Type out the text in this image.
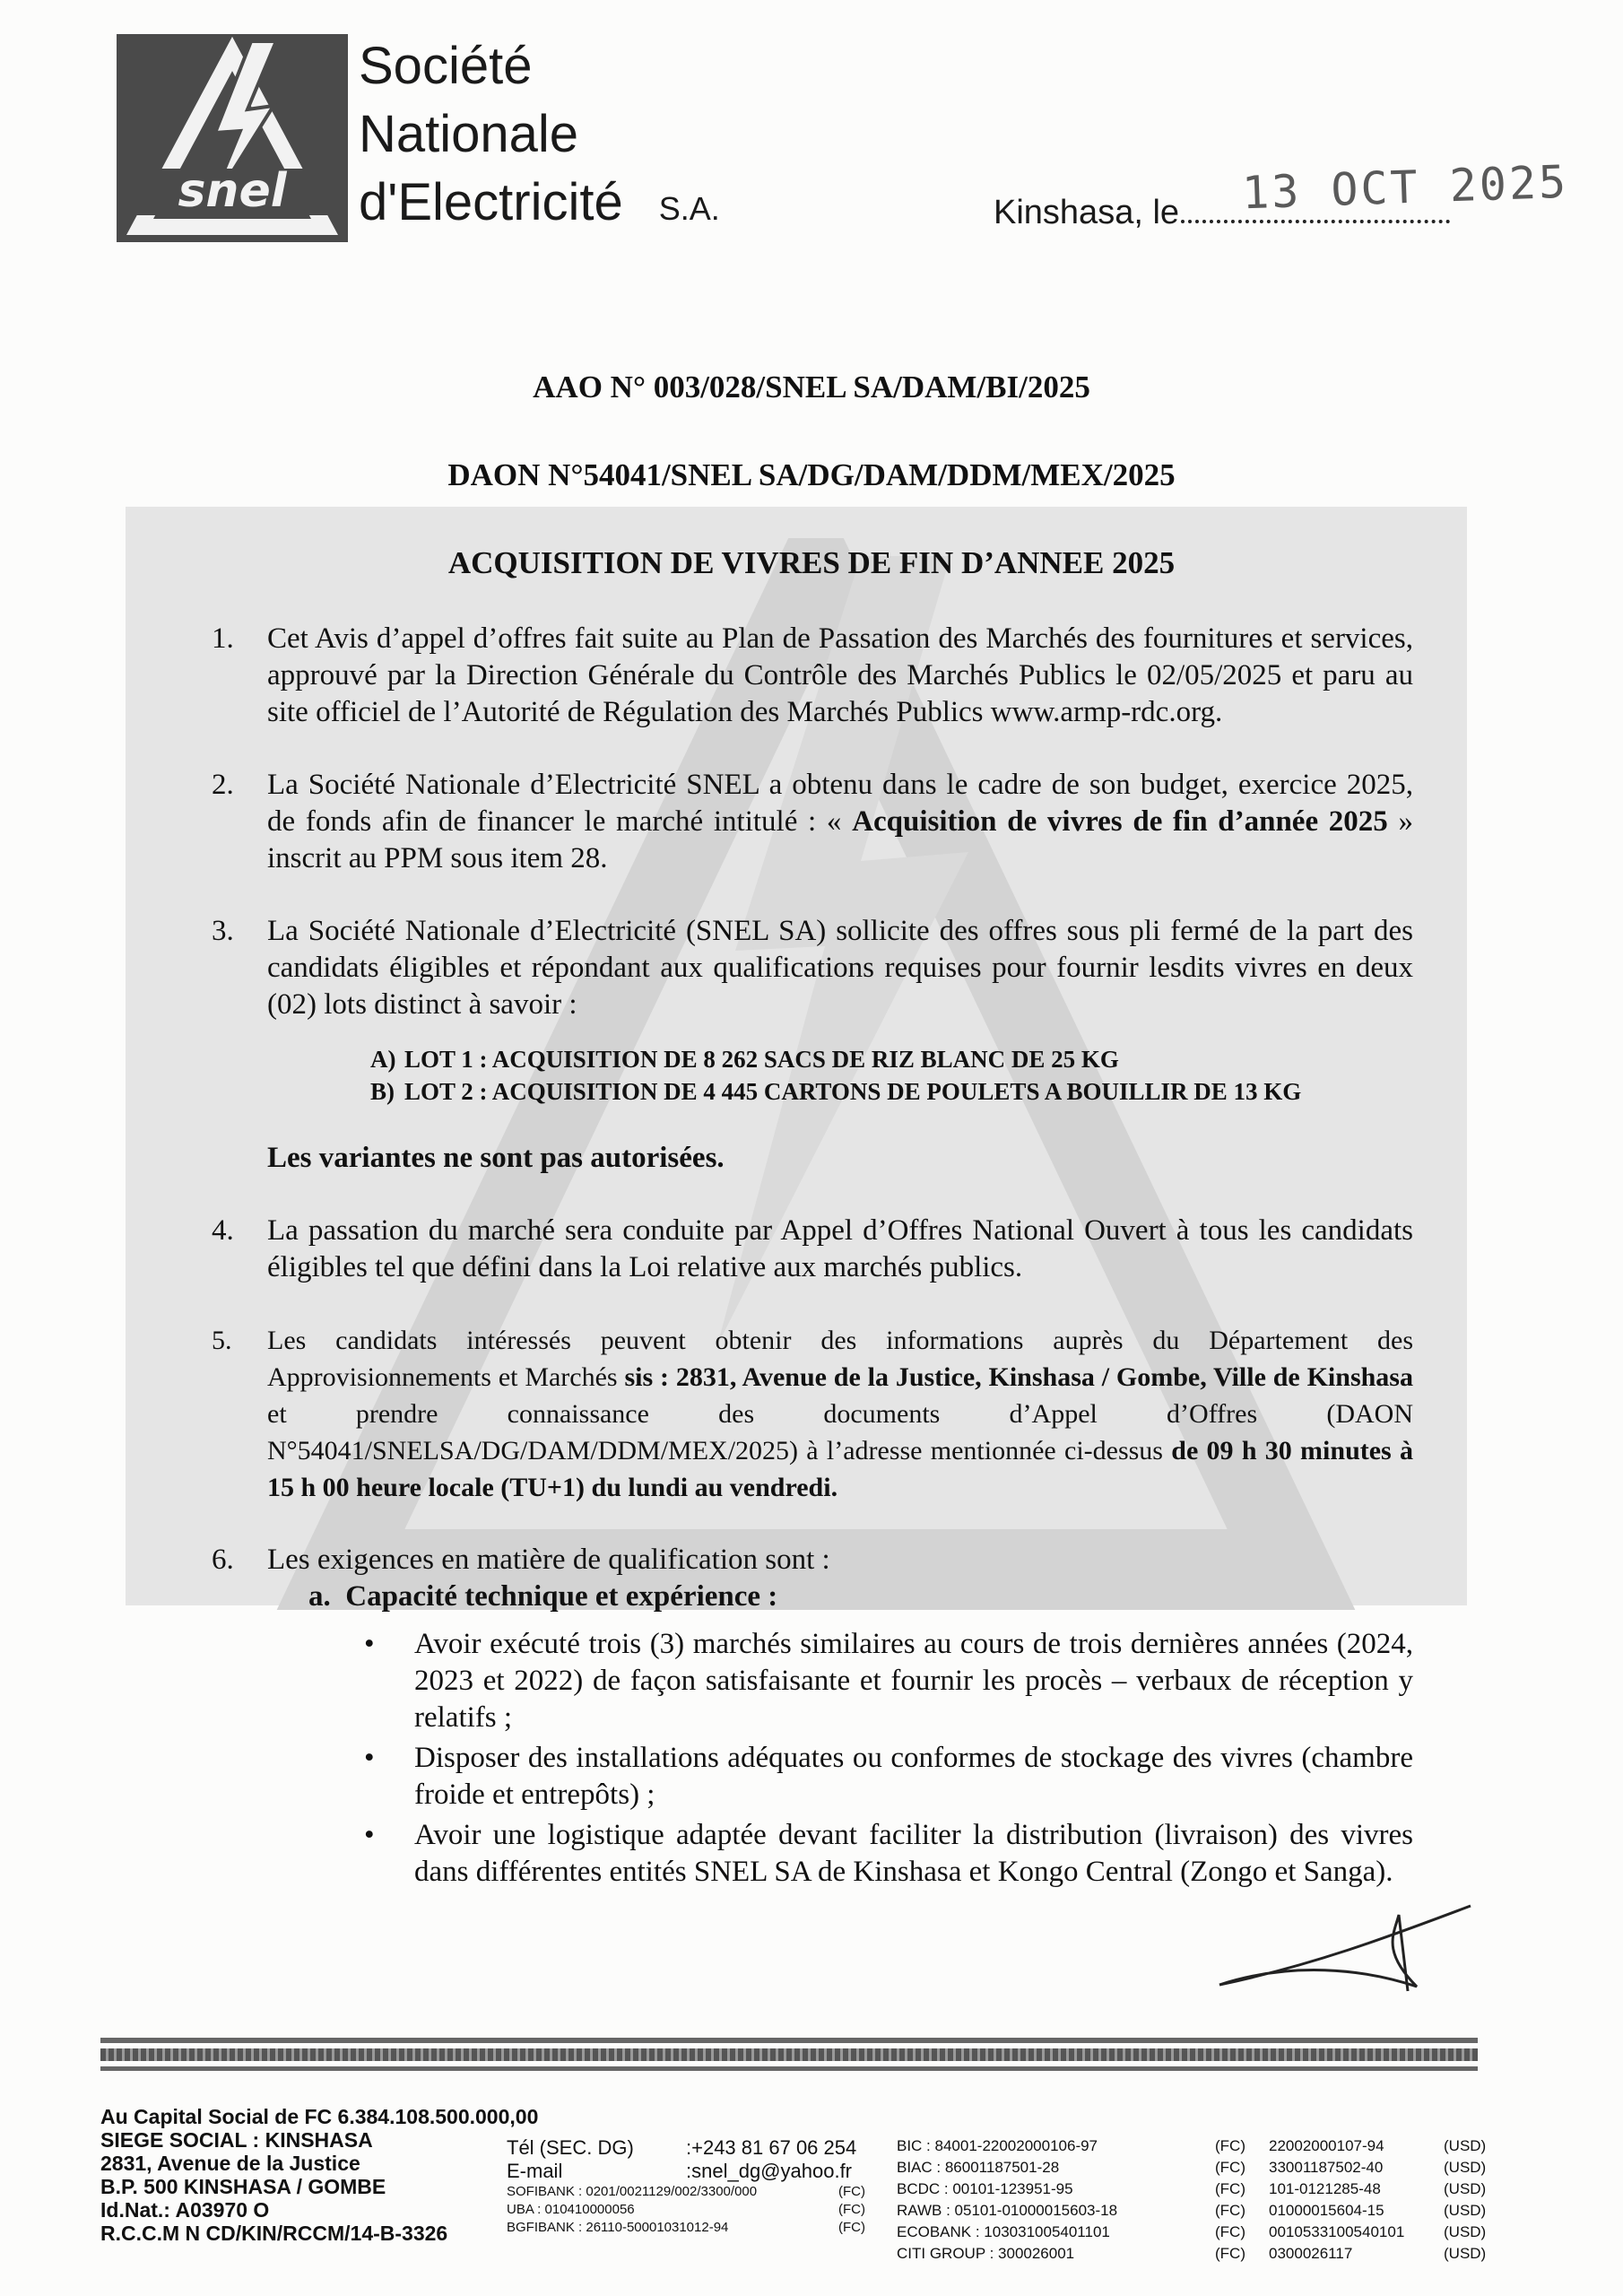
snel
Société
Nationale
d'Electricité S.A.	Kinshasa, le	13 OCT 2025
AAO N° 003/028/SNEL SA/DAM/BI/2025
DAON N°54041/SNEL SA/DG/DAM/DDM/MEX/2025
ACQUISITION DE VIVRES DE FIN D’ANNEE 2025
1. Cet Avis d’appel d’offres fait suite au Plan de Passation des Marchés des fournitures et services, approuvé par la Direction Générale du Contrôle des Marchés Publics le 02/05/2025 et paru au site officiel de l’Autorité de Régulation des Marchés Publics www.armp-rdc.org.
2. La Société Nationale d’Electricité SNEL a obtenu dans le cadre de son budget, exercice 2025, de fonds afin de financer le marché intitulé : « Acquisition de vivres de fin d’année 2025 » inscrit au PPM sous item 28.
3. La Société Nationale d’Electricité (SNEL SA) sollicite des offres sous pli fermé de la part des candidats éligibles et répondant aux qualifications requises pour fournir lesdits vivres en deux (02) lots distinct à savoir :
A) LOT 1 : ACQUISITION DE 8 262 SACS DE RIZ BLANC DE 25 KG
B) LOT 2 : ACQUISITION DE 4 445 CARTONS DE POULETS A BOUILLIR DE 13 KG
Les variantes ne sont pas autorisées.
4. La passation du marché sera conduite par Appel d’Offres National Ouvert à tous les candidats éligibles tel que défini dans la Loi relative aux marchés publics.
5. Les candidats intéressés peuvent obtenir des informations auprès du Département des Approvisionnements et Marchés sis : 2831, Avenue de la Justice, Kinshasa / Gombe, Ville de Kinshasa et prendre connaissance des documents d’Appel d’Offres (DAON N°54041/SNELSA/DG/DAM/DDM/MEX/2025) à l’adresse mentionnée ci-dessus de 09 h 30 minutes à 15 h 00 heure locale (TU+1) du lundi au vendredi.
6. Les exigences en matière de qualification sont :
a. Capacité technique et expérience :
• Avoir exécuté trois (3) marchés similaires au cours de trois dernières années (2024, 2023 et 2022) de façon satisfaisante et fournir les procès – verbaux de réception y relatifs ;
• Disposer des installations adéquates ou conformes de stockage des vivres (chambre froide et entrepôts) ;
• Avoir une logistique adaptée devant faciliter la distribution (livraison) des vivres dans différentes entités SNEL SA de Kinshasa et Kongo Central (Zongo et Sanga).
Au Capital Social de FC 6.384.108.500.000,00
SIEGE SOCIAL : KINSHASA
2831, Avenue de la Justice
B.P. 500 KINSHASA / GOMBE
Id.Nat.: A03970 O
R.C.C.M N CD/KIN/RCCM/14-B-3326
Tél (SEC. DG)	:+243 81 67 06 254
E-mail	:snel_dg@yahoo.fr
SOFIBANK : 0201/0021129/002/3300/000	(FC)
UBA : 010410000056	(FC)
BGFIBANK : 26110-50001031012-94	(FC)
BIC : 84001-22002000106-97	(FC)	22002000107-94	(USD)
BIAC : 86001187501-28	(FC)	33001187502-40	(USD)
BCDC : 00101-123951-95	(FC)	101-0121285-48	(USD)
RAWB : 05101-01000015603-18	(FC)	01000015604-15	(USD)
ECOBANK : 103031005401101	(FC)	0010533100540101	(USD)
CITI GROUP : 300026001	(FC)	0300026117	(USD)
